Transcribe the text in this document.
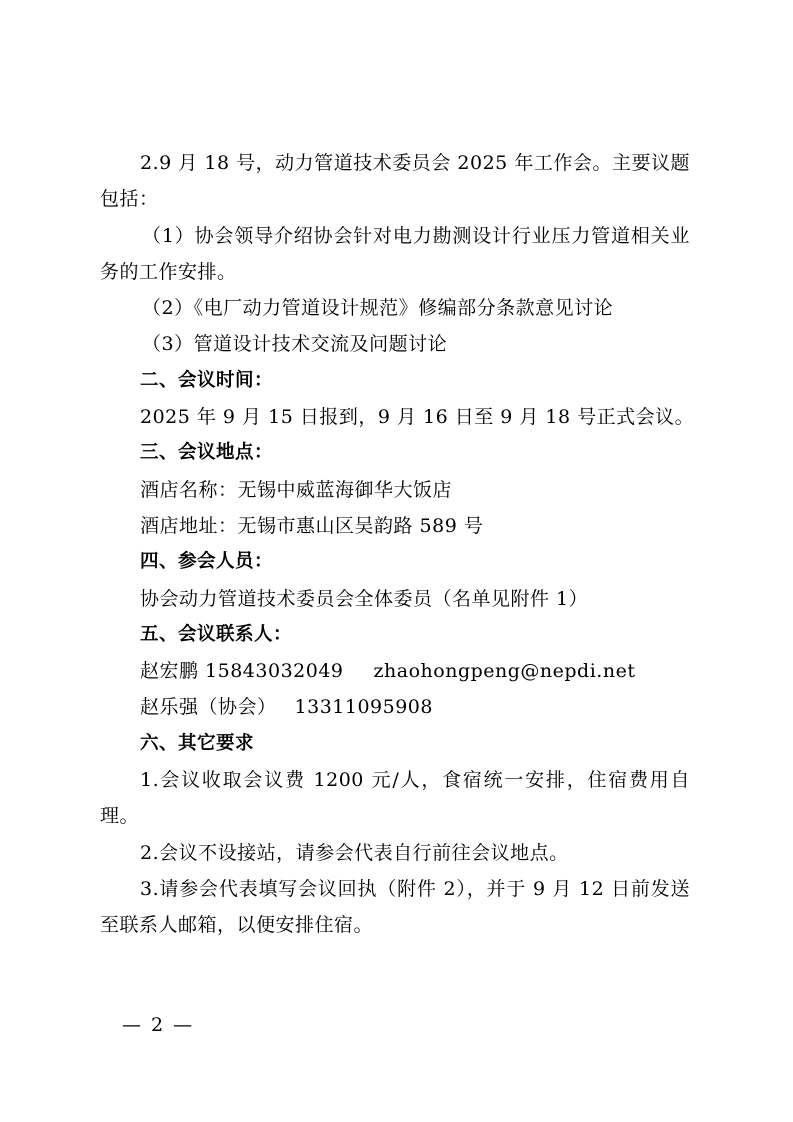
2.9 月 18 号，动力管道技术委员会 2025 年工作会。主要议题包括：

（1）协会领导介绍协会针对电力勘测设计行业压力管道相关业务的工作安排。

（2）《电厂动力管道设计规范》修编部分条款意见讨论

（3）管道设计技术交流及问题讨论

二、会议时间：

2025 年 9 月 15 日报到，9 月 16 日至 9 月 18 号正式会议。

三、会议地点：

酒店名称：无锡中威蓝海御华大饭店

酒店地址：无锡市惠山区吴韵路 589 号

四、参会人员：

协会动力管道技术委员会全体委员（名单见附件 1）

五、会议联系人：

赵宏鹏 15843032049 zhaohongpeng@nepdi.net

赵乐强（协会） 13311095908

六、其它要求

1.会议收取会议费 1200 元/人，食宿统一安排，住宿费用自理。

2.会议不设接站，请参会代表自行前往会议地点。

3.请参会代表填写会议回执（附件 2），并于 9 月 12 日前发送至联系人邮箱，以便安排住宿。

— 2 —
